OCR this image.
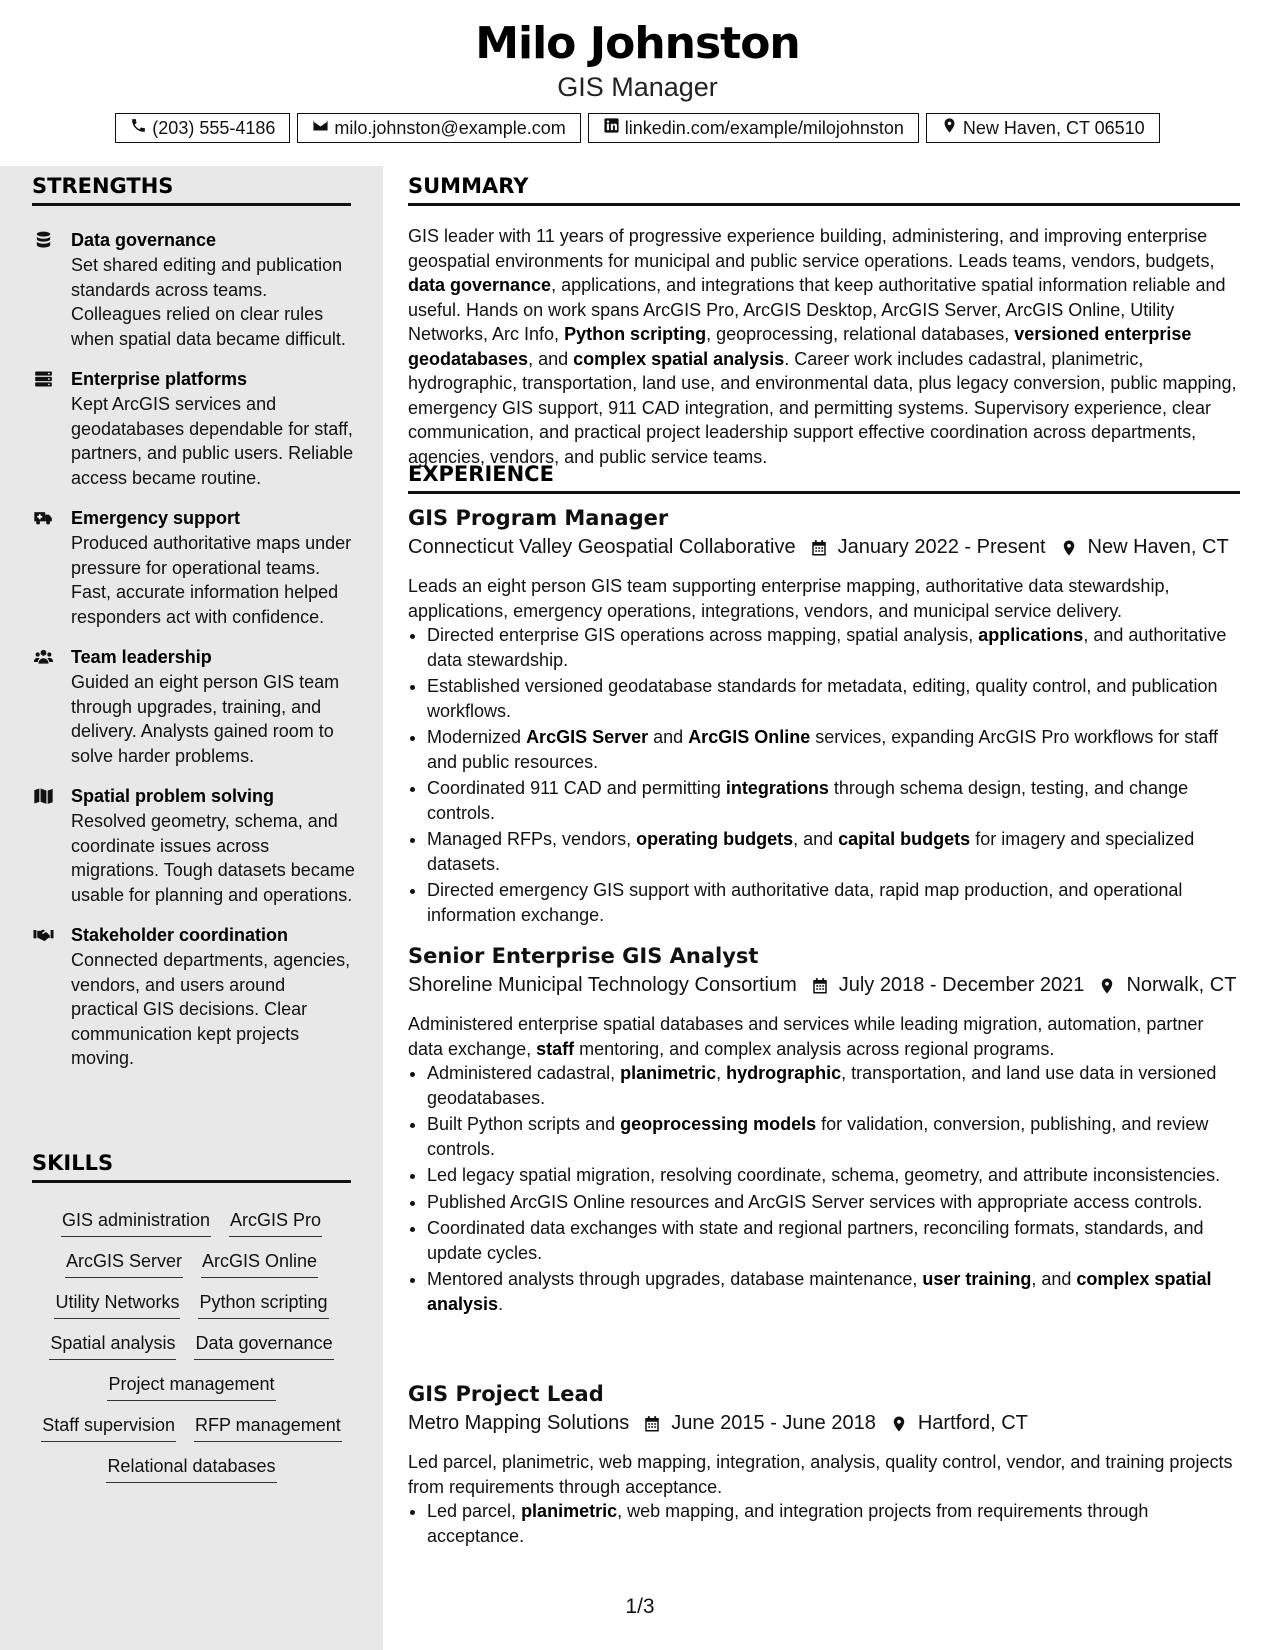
Milo Johnston
GIS Manager
(203) 555-4186	milo.johnston@example.com	linkedin.com/example/milojohnston	New Haven, CT 06510
STRENGTHS
Data governance
Set shared editing and publication standards across teams. Colleagues relied on clear rules when spatial data became difficult.
Enterprise platforms
Kept ArcGIS services and geodatabases dependable for staff, partners, and public users. Reliable access became routine.
Emergency support
Produced authoritative maps under pressure for operational teams. Fast, accurate information helped responders act with confidence.
Team leadership
Guided an eight person GIS team through upgrades, training, and delivery. Analysts gained room to solve harder problems.
Spatial problem solving
Resolved geometry, schema, and coordinate issues across migrations. Tough datasets became usable for planning and operations.
Stakeholder coordination
Connected departments, agencies, vendors, and users around practical GIS decisions. Clear communication kept projects moving.
SKILLS
GIS administration ArcGIS Pro
ArcGIS Server ArcGIS Online
Utility Networks Python scripting
Spatial analysis Data governance
Project management
Staff supervision RFP management
Relational databases
SUMMARY
GIS leader with 11 years of progressive experience building, administering, and improving enterprise geospatial environments for municipal and public service operations. Leads teams, vendors, budgets, data governance, applications, and integrations that keep authoritative spatial information reliable and useful. Hands on work spans ArcGIS Pro, ArcGIS Desktop, ArcGIS Server, ArcGIS Online, Utility Networks, Arc Info, Python scripting, geoprocessing, relational databases, versioned enterprise geodatabases, and complex spatial analysis. Career work includes cadastral, planimetric, hydrographic, transportation, land use, and environmental data, plus legacy conversion, public mapping, emergency GIS support, 911 CAD integration, and permitting systems. Supervisory experience, clear communication, and practical project leadership support effective coordination across departments, agencies, vendors, and public service teams.
EXPERIENCE
GIS Program Manager
Connecticut Valley Geospatial Collaborative January 2022 - Present New Haven, CT
Leads an eight person GIS team supporting enterprise mapping, authoritative data stewardship, applications, emergency operations, integrations, vendors, and municipal service delivery.
• Directed enterprise GIS operations across mapping, spatial analysis, applications, and authoritative data stewardship.
• Established versioned geodatabase standards for metadata, editing, quality control, and publication workflows.
• Modernized ArcGIS Server and ArcGIS Online services, expanding ArcGIS Pro workflows for staff and public resources.
• Coordinated 911 CAD and permitting integrations through schema design, testing, and change controls.
• Managed RFPs, vendors, operating budgets, and capital budgets for imagery and specialized datasets.
• Directed emergency GIS support with authoritative data, rapid map production, and operational information exchange.
Senior Enterprise GIS Analyst
Shoreline Municipal Technology Consortium July 2018 - December 2021 Norwalk, CT
Administered enterprise spatial databases and services while leading migration, automation, partner data exchange, staff mentoring, and complex analysis across regional programs.
• Administered cadastral, planimetric, hydrographic, transportation, and land use data in versioned geodatabases.
• Built Python scripts and geoprocessing models for validation, conversion, publishing, and review controls.
• Led legacy spatial migration, resolving coordinate, schema, geometry, and attribute inconsistencies.
• Published ArcGIS Online resources and ArcGIS Server services with appropriate access controls.
• Coordinated data exchanges with state and regional partners, reconciling formats, standards, and update cycles.
• Mentored analysts through upgrades, database maintenance, user training, and complex spatial analysis.
GIS Project Lead
Metro Mapping Solutions June 2015 - June 2018 Hartford, CT
Led parcel, planimetric, web mapping, integration, analysis, quality control, vendor, and training projects from requirements through acceptance.
• Led parcel, planimetric, web mapping, and integration projects from requirements through acceptance.
1/3
